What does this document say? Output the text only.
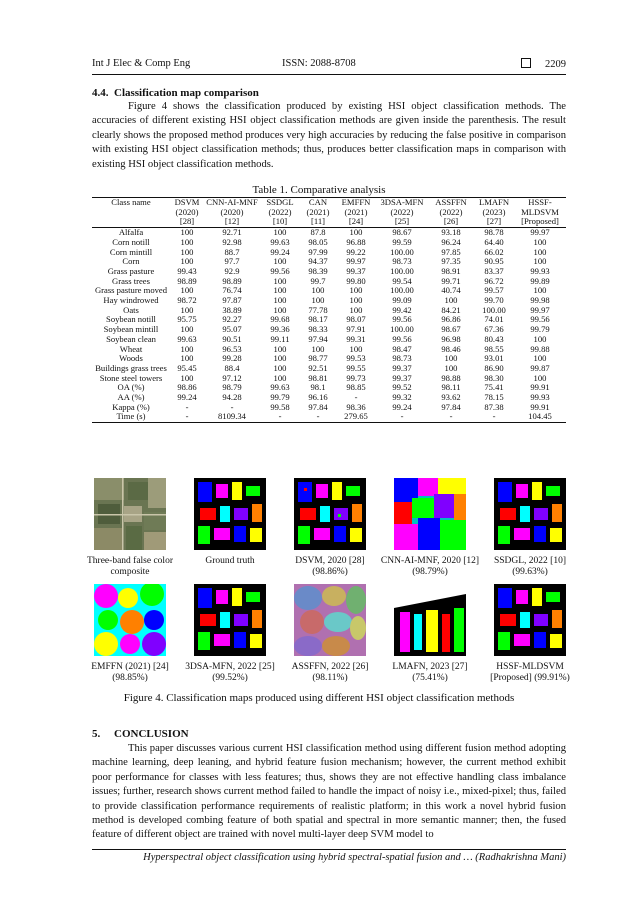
Int J Elec & Comp Eng	ISSN: 2088-8708	2209
4.4. Classification map comparison

Figure 4 shows the classification produced by existing HSI object classification methods. The accuracies of different existing HSI object classification methods are given inside the parenthesis. The result clearly shows the proposed method produces very high accuracies by reducing the false positive in comparison with existing HSI object classification methods; thus, produces better classification maps in comparison with existing HSI object classification methods.

Table 1. Comparative analysis
Class name	DSVM	CNN-AI-MNF	SSDGL	CAN	EMFFN	3DSA-MFN	ASSFFN	LMAFN	HSSF-
	(2020)	(2020)	(2022)	(2021)	(2021)	(2022)	(2022)	(2023)	MLDSVM
	[28]	[12]	[10]	[11]	[24]	[25]	[26]	[27]	[Proposed]
Alfalfa	100	92.71	100	87.8	100	98.67	93.18	98.78	99.97
Corn notill	100	92.98	99.63	98.05	96.88	99.59	96.24	64.40	100
Corn mintill	100	88.7	99.24	97.99	99.22	100.00	97.85	66.02	100
Corn	100	97.7	100	94.37	99.97	98.73	97.35	90.95	100
Grass pasture	99.43	92.9	99.56	98.39	99.37	100.00	98.91	83.37	99.93
Grass trees	98.89	98.89	100	99.7	99.80	99.54	99.71	96.72	99.89
Grass pasture moved	100	76.74	100	100	100	100.00	40.74	99.57	100
Hay windrowed	98.72	97.87	100	100	100	99.09	100	99.70	99.98
Oats	100	38.89	100	77.78	100	99.42	84.21	100.00	99.97
Soybean notill	95.75	92.27	99.68	98.17	98.07	99.56	96.86	74.01	99.56
Soybean mintill	100	95.07	99.36	98.33	97.91	100.00	98.67	67.36	99.79
Soybean clean	99.63	90.51	99.11	97.94	99.31	99.56	96.98	80.43	100
Wheat	100	96.53	100	100	100	98.47	98.46	98.55	99.88
Woods	100	99.28	100	98.77	99.53	98.73	100	93.01	100
Buildings grass trees	95.45	88.4	100	92.51	99.55	99.37	100	86.90	99.87
Stone steel towers	100	97.12	100	98.81	99.73	99.37	98.88	98.30	100
OA (%)	98.86	98.79	99.63	98.1	98.85	99.52	98.11	75.41	99.91
AA (%)	99.24	94.28	99.79	96.16	-	99.32	93.62	78.15	99.93
Kappa (%)	-	-	99.58	97.84	98.36	99.24	97.84	87.38	99.91
Time (s)	-	8109.34	-	-	279.65	-	-	-	104.45
Three-band false color composite
Ground truth	DSVM, 2020 [28] (98.86%)
CNN-AI-MNF, 2020 [12] (98.79%)
SSDGL, 2022 [10] (99.63%)
EMFFN (2021) [24] (98.85%)
3DSA-MFN, 2022 [25] (99.52%)
ASSFFN, 2022 [26] (98.11%)
LMAFN, 2023 [27] (75.41%)
HSSF-MLDSVM [Proposed] (99.91%)
Figure 4. Classification maps produced using different HSI object classification methods
5. CONCLUSION

This paper discusses various current HSI classification method using different fusion method adopting machine learning, deep leaning, and hybrid feature fusion mechanism; however, the current method exhibit poor performance for classes with less features; thus, shows they are not effective handling class imbalance issues; further, research shows current method failed to handle the impact of noisy i.e., mixed-pixel; thus, failed to provide classification performance requirements of realistic platform; in this work a novel hybrid fusion method is developed combing feature of both spatial and spectral in more semantic manner; then, the fused feature of different object are trained with novel multi-layer deep SVM model to

Hyperspectral object classification using hybrid spectral-spatial fusion and … (Radhakrishna Mani)
